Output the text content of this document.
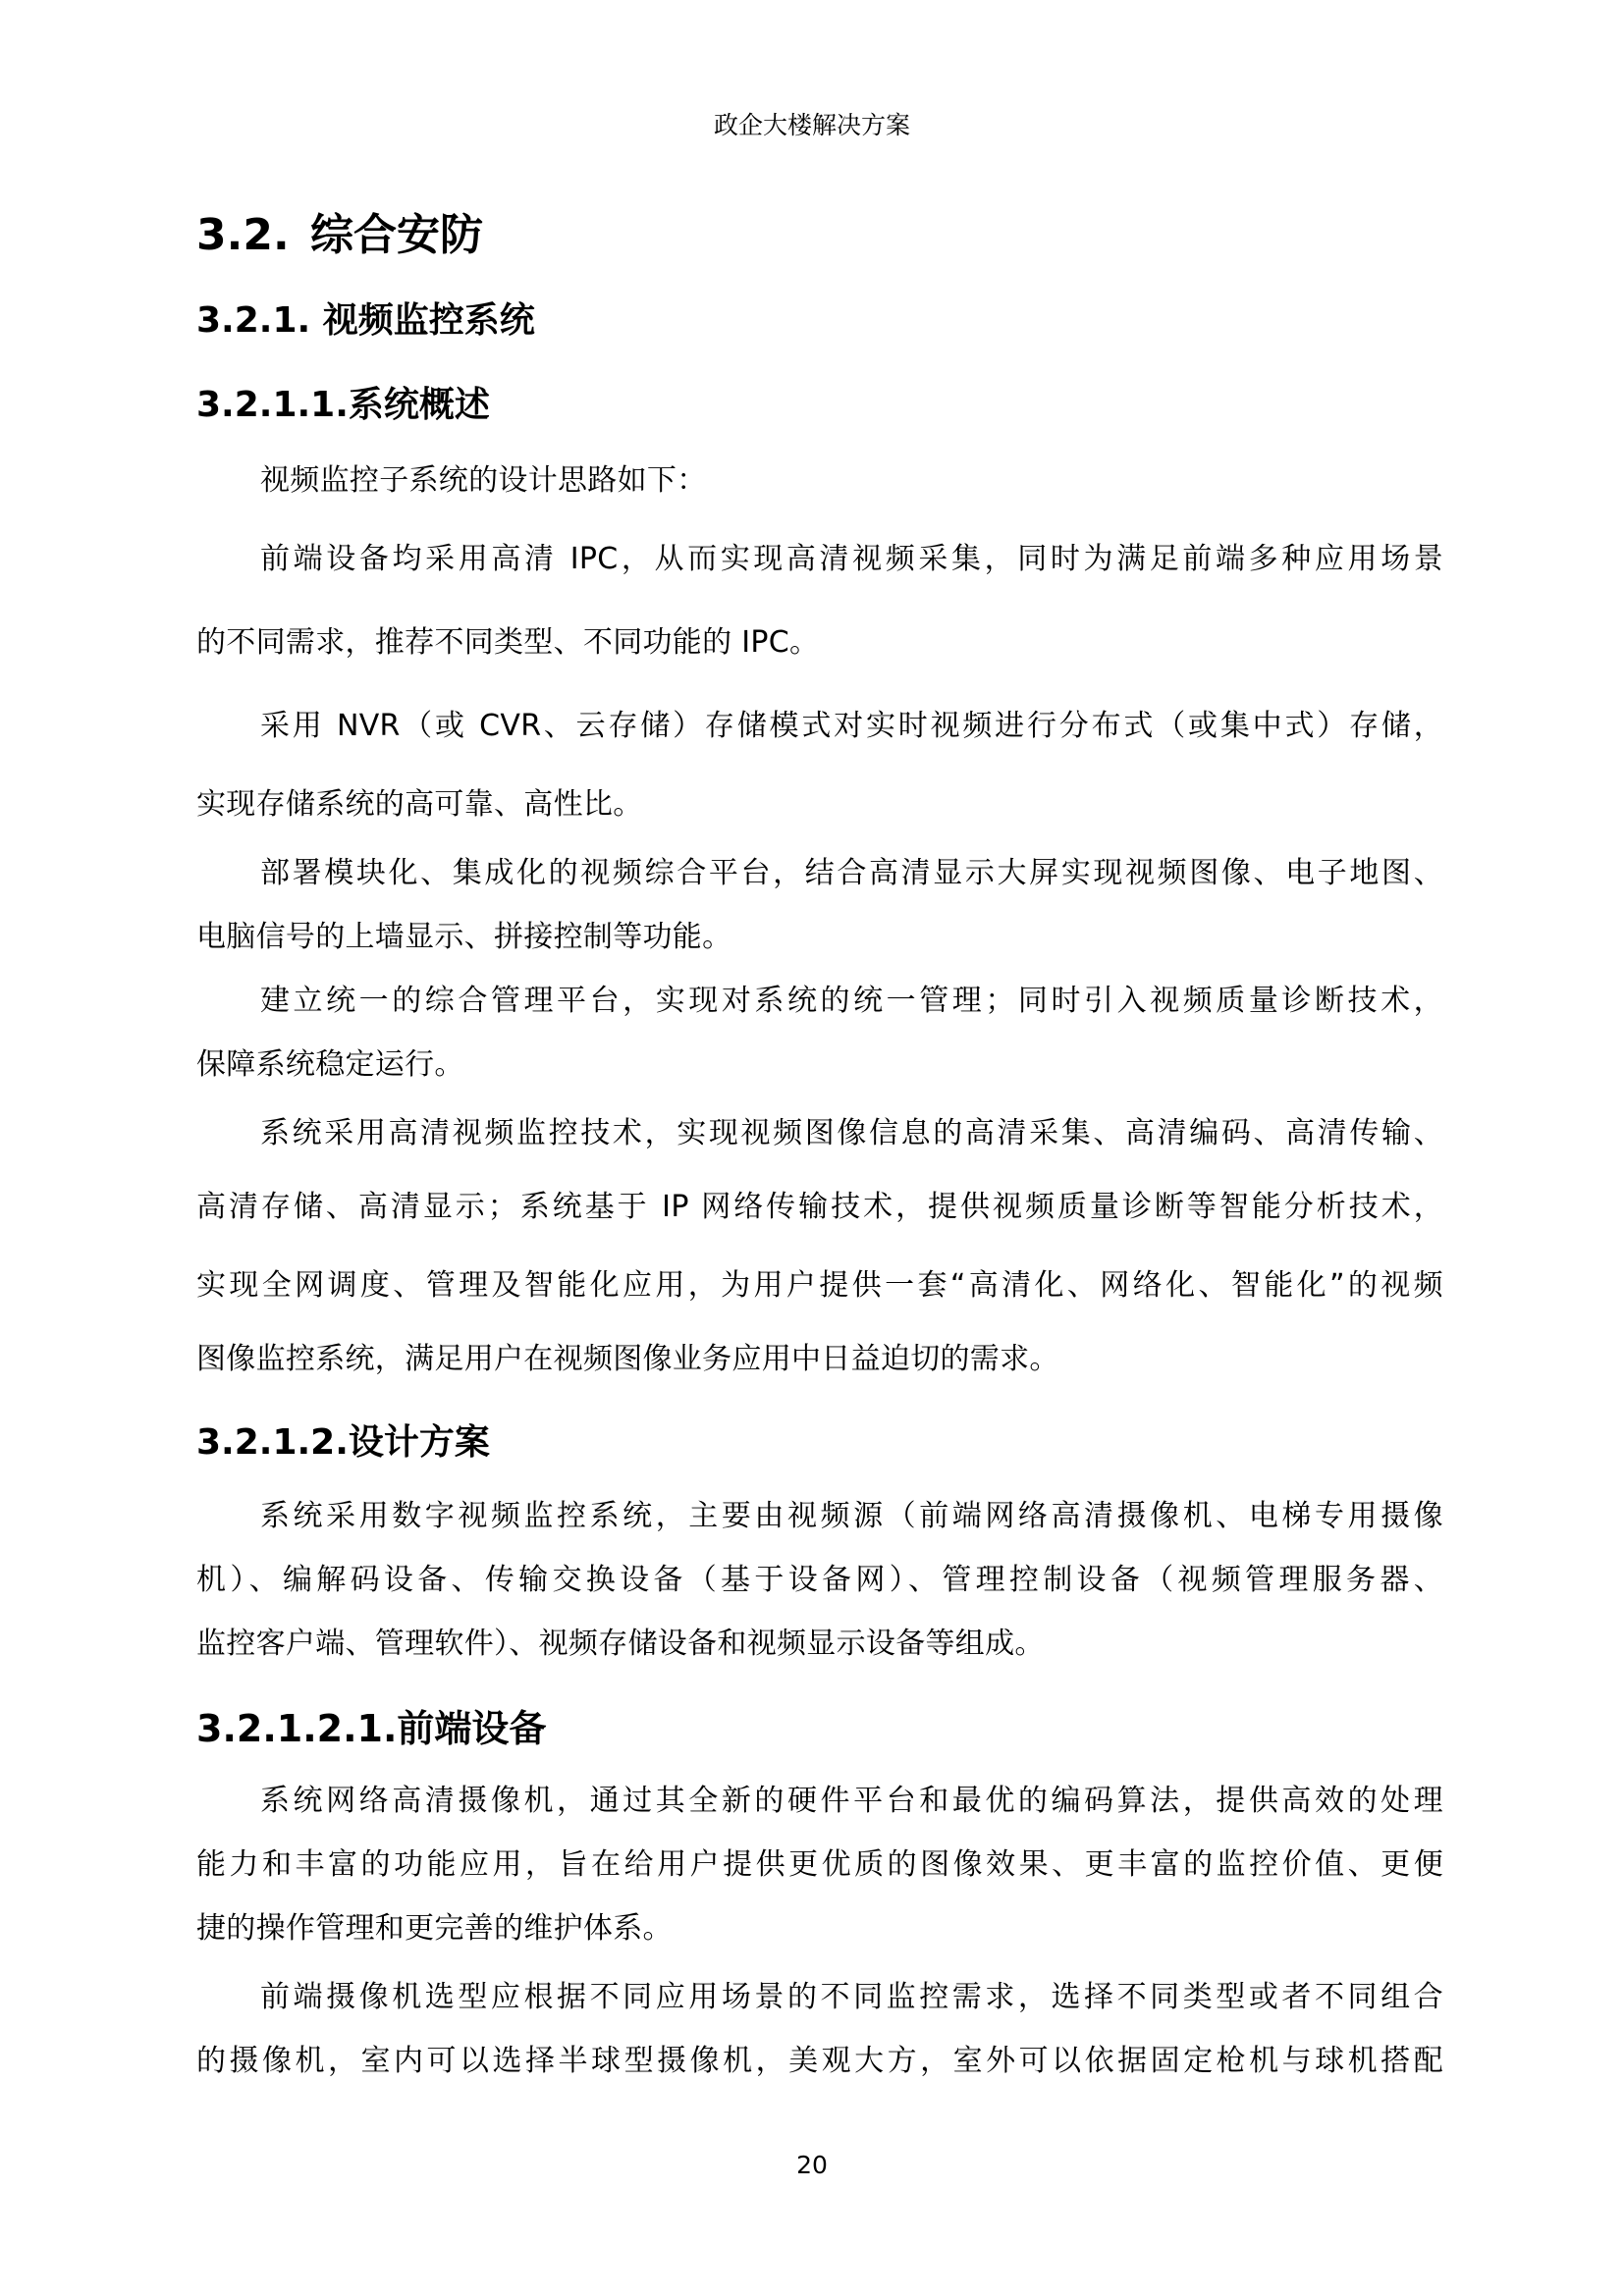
政企大楼解决方案
3.2. 综合安防
3.2.1. 视频监控系统
3.2.1.1.系统概述
视频监控子系统的设计思路如下：
前端设备均采用高清 IPC，从而实现高清视频采集，同时为满足前端多种应用场景
的不同需求，推荐不同类型、不同功能的 IPC。
采用 NVR（或 CVR、云存储）存储模式对实时视频进行分布式（或集中式）存储，
实现存储系统的高可靠、高性比。
部署模块化、集成化的视频综合平台，结合高清显示大屏实现视频图像、电子地图、
电脑信号的上墙显示、拼接控制等功能。
建立统一的综合管理平台，实现对系统的统一管理；同时引入视频质量诊断技术，
保障系统稳定运行。
系统采用高清视频监控技术，实现视频图像信息的高清采集、高清编码、高清传输、
高清存储、高清显示；系统基于 IP 网络传输技术，提供视频质量诊断等智能分析技术，
实现全网调度、管理及智能化应用，为用户提供一套“高清化、网络化、智能化”的视频
图像监控系统，满足用户在视频图像业务应用中日益迫切的需求。
3.2.1.2.设计方案
系统采用数字视频监控系统，主要由视频源（前端网络高清摄像机、电梯专用摄像
机）、编解码设备、传输交换设备（基于设备网）、管理控制设备（视频管理服务器、
监控客户端、管理软件）、视频存储设备和视频显示设备等组成。
3.2.1.2.1.前端设备
系统网络高清摄像机，通过其全新的硬件平台和最优的编码算法，提供高效的处理
能力和丰富的功能应用，旨在给用户提供更优质的图像效果、更丰富的监控价值、更便
捷的操作管理和更完善的维护体系。
前端摄像机选型应根据不同应用场景的不同监控需求，选择不同类型或者不同组合
的摄像机，室内可以选择半球型摄像机，美观大方，室外可以依据固定枪机与球机搭配
20
